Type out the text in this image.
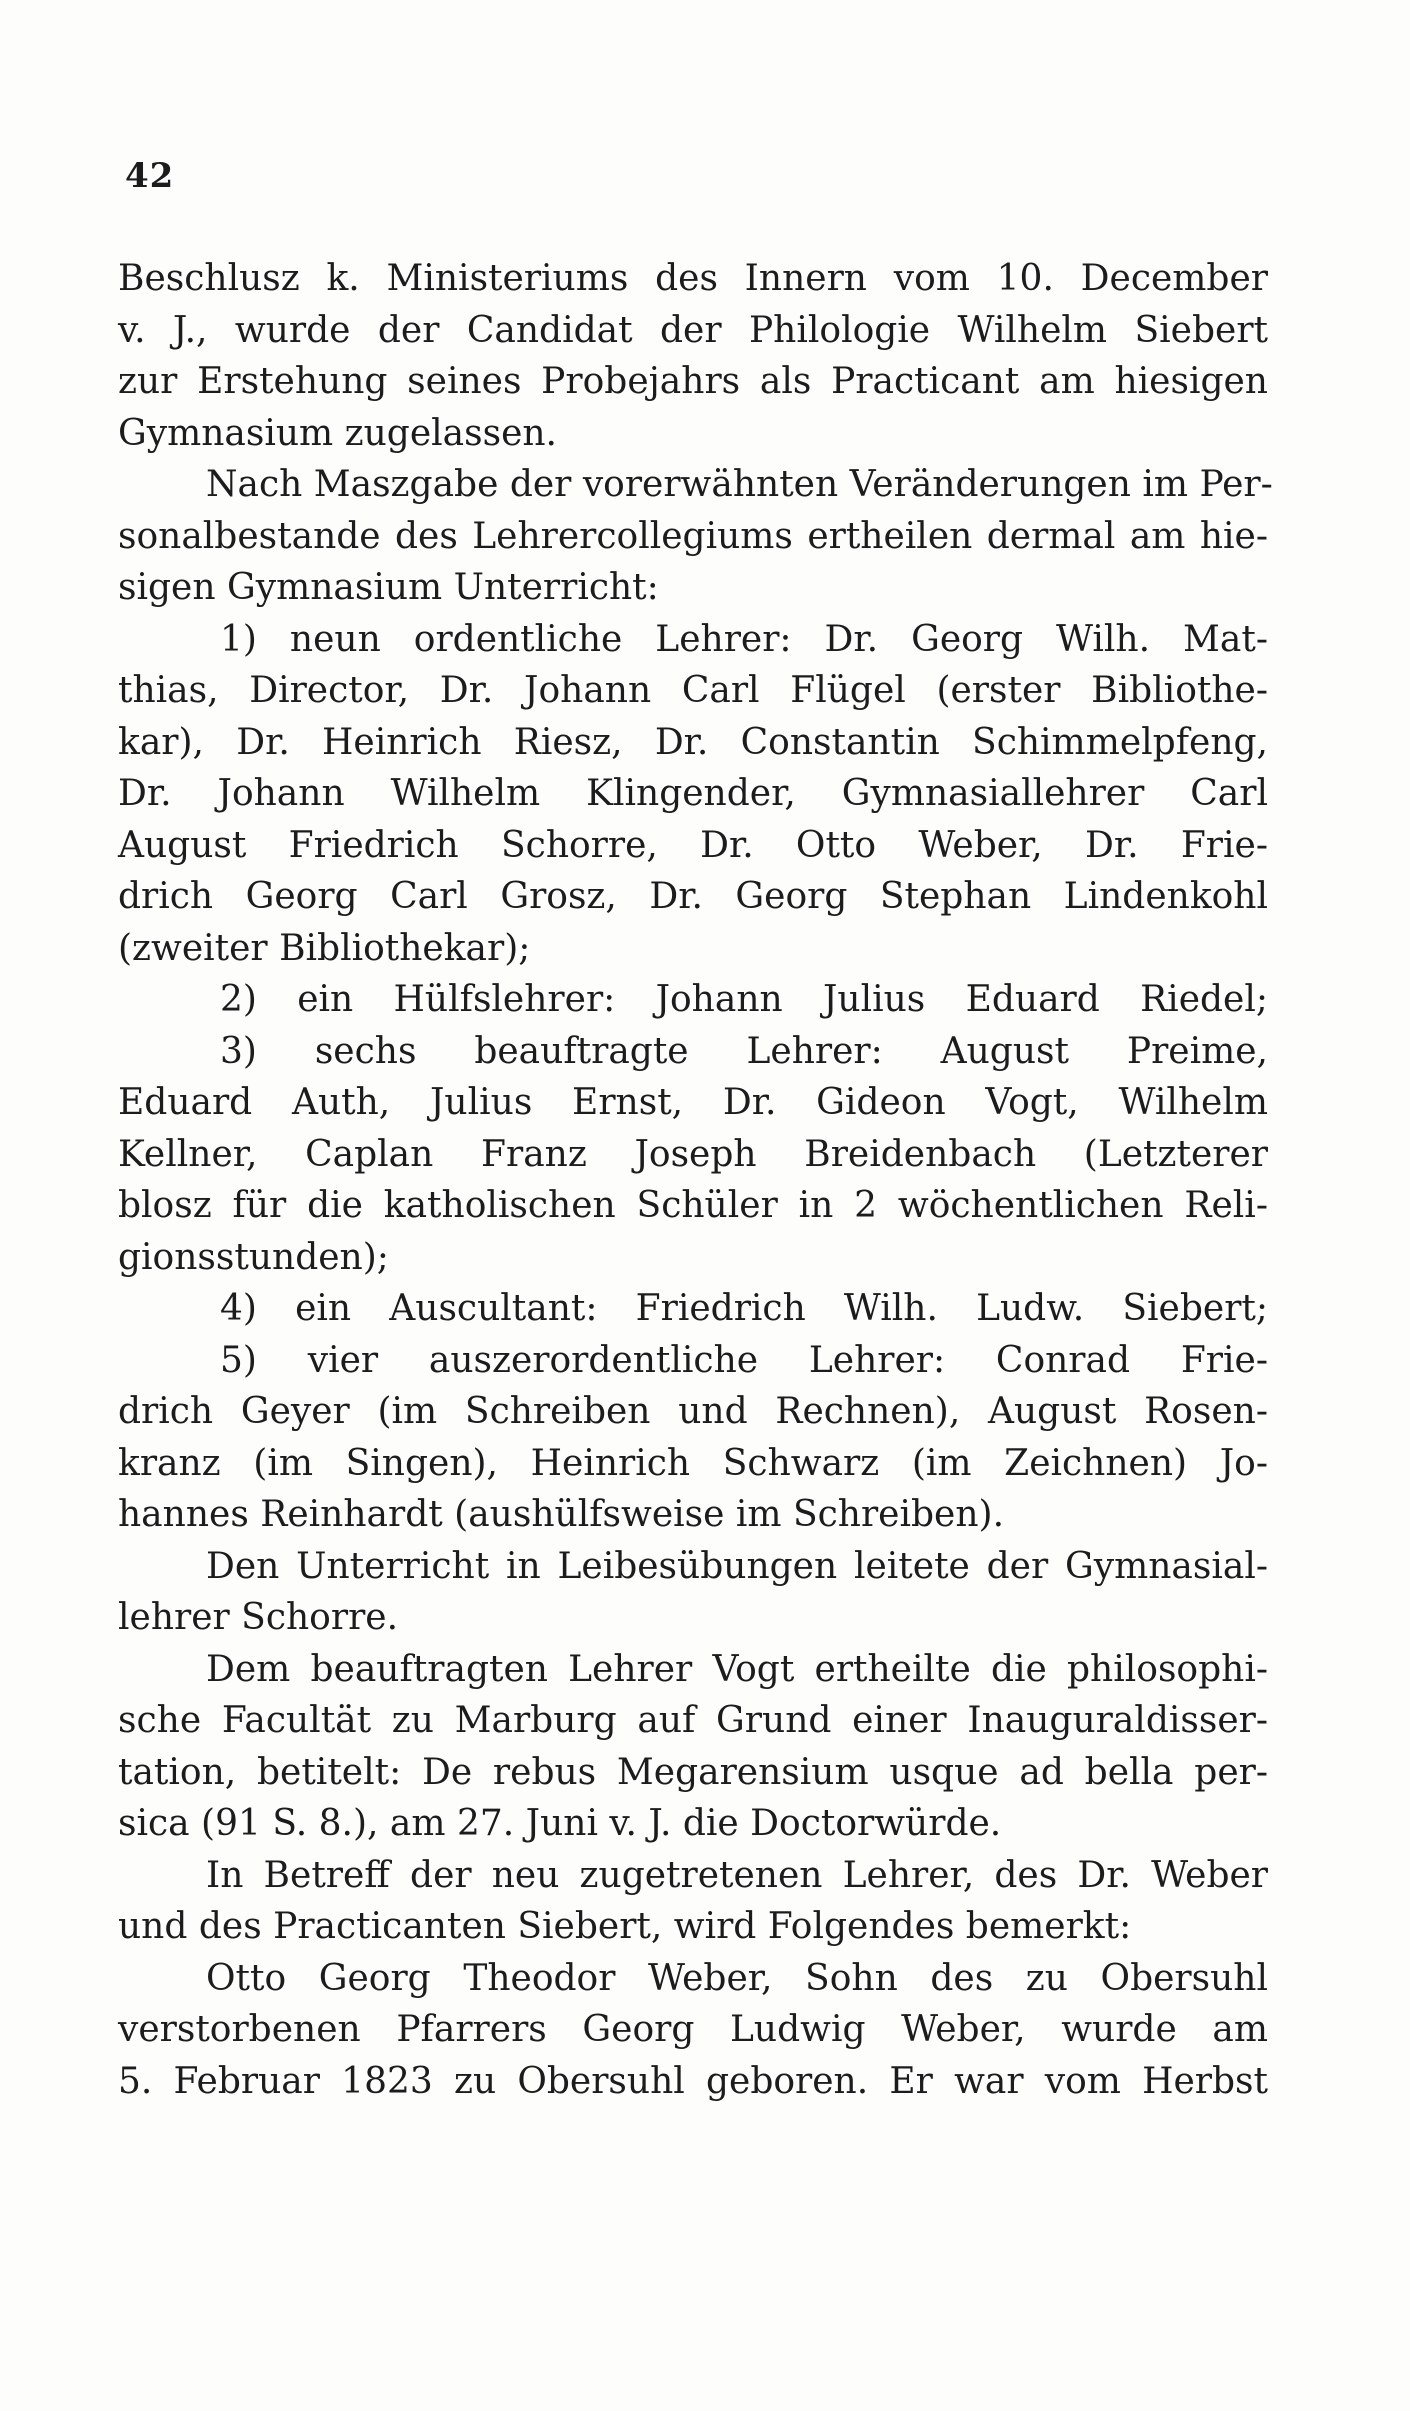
42
Beschlusz k. Ministeriums des Innern vom 10. December
v. J., wurde der Candidat der Philologie Wilhelm Siebert
zur Erstehung seines Probejahrs als Practicant am hiesigen
Gymnasium zugelassen.
Nach Maszgabe der vorerwähnten Veränderungen im Per-
sonalbestande des Lehrercollegiums ertheilen dermal am hie-
sigen Gymnasium Unterricht:
1) neun ordentliche Lehrer: Dr. Georg Wilh. Mat-
thias, Director, Dr. Johann Carl Flügel (erster Bibliothe-
kar), Dr. Heinrich Riesz, Dr. Constantin Schimmelpfeng,
Dr. Johann Wilhelm Klingender, Gymnasiallehrer Carl
August Friedrich Schorre, Dr. Otto Weber, Dr. Frie-
drich Georg Carl Grosz, Dr. Georg Stephan Lindenkohl
(zweiter Bibliothekar);
2) ein Hülfslehrer: Johann Julius Eduard Riedel;
3) sechs beauftragte Lehrer: August Preime,
Eduard Auth, Julius Ernst, Dr. Gideon Vogt, Wilhelm
Kellner, Caplan Franz Joseph Breidenbach (Letzterer
blosz für die katholischen Schüler in 2 wöchentlichen Reli-
gionsstunden);
4) ein Auscultant: Friedrich Wilh. Ludw. Siebert;
5) vier auszerordentliche Lehrer: Conrad Frie-
drich Geyer (im Schreiben und Rechnen), August Rosen-
kranz (im Singen), Heinrich Schwarz (im Zeichnen) Jo-
hannes Reinhardt (aushülfsweise im Schreiben).
Den Unterricht in Leibesübungen leitete der Gymnasial-
lehrer Schorre.
Dem beauftragten Lehrer Vogt ertheilte die philosophi-
sche Facultät zu Marburg auf Grund einer Inauguraldisser-
tation, betitelt: De rebus Megarensium usque ad bella per-
sica (91 S. 8.), am 27. Juni v. J. die Doctorwürde.
In Betreff der neu zugetretenen Lehrer, des Dr. Weber
und des Practicanten Siebert, wird Folgendes bemerkt:
Otto Georg Theodor Weber, Sohn des zu Obersuhl
verstorbenen Pfarrers Georg Ludwig Weber, wurde am
5. Februar 1823 zu Obersuhl geboren. Er war vom Herbst
